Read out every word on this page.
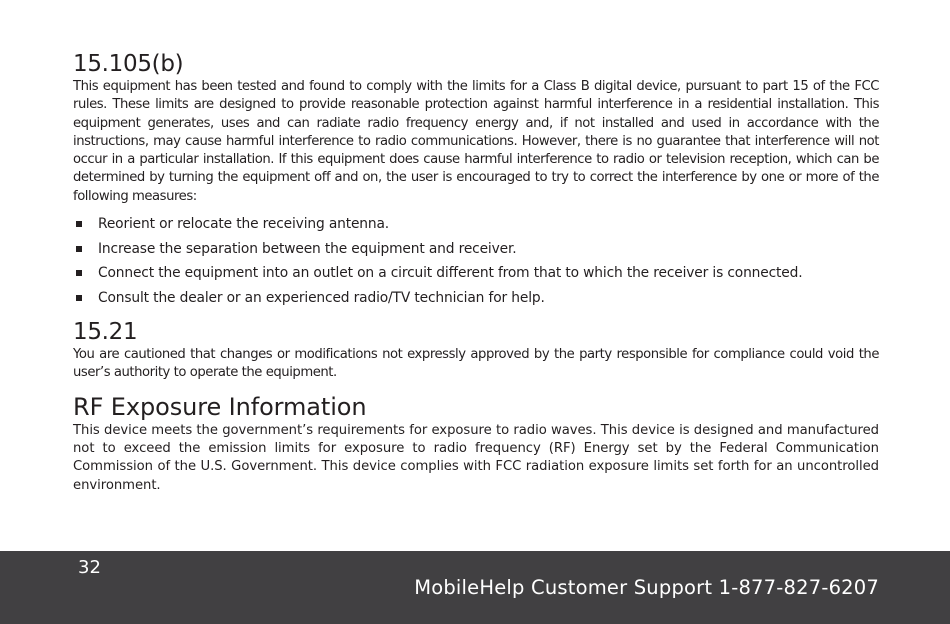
15.105(b)

This equipment has been tested and found to comply with the limits for a Class B digital device, pursuant to part 15 of the FCC rules. These limits are designed to provide reasonable protection against harmful interference in a residential installation. This equipment generates, uses and can radiate radio frequency energy and, if not installed and used in accordance with the instructions, may cause harmful interference to radio communications. However, there is no guarantee that interference will not occur in a particular installation. If this equipment does cause harmful interference to radio or television reception, which can be determined by turning the equipment off and on, the user is encouraged to try to correct the interference by one or more of the following measures:

Reorient or relocate the receiving antenna.
Increase the separation between the equipment and receiver.
Connect the equipment into an outlet on a circuit different from that to which the receiver is connected.
Consult the dealer or an experienced radio/TV technician for help.
15.21

You are cautioned that changes or modifications not expressly approved by the party responsible for compliance could void the user’s authority to operate the equipment.

RF Exposure Information

This device meets the government’s requirements for exposure to radio waves. This device is designed and manufactured not to exceed the emission limits for exposure to radio frequency (RF) Energy set by the Federal Communication Commission of the U.S. Government. This device complies with FCC radiation exposure limits set forth for an uncontrolled environment.

32
MobileHelp Customer Support 1-877-827-6207
